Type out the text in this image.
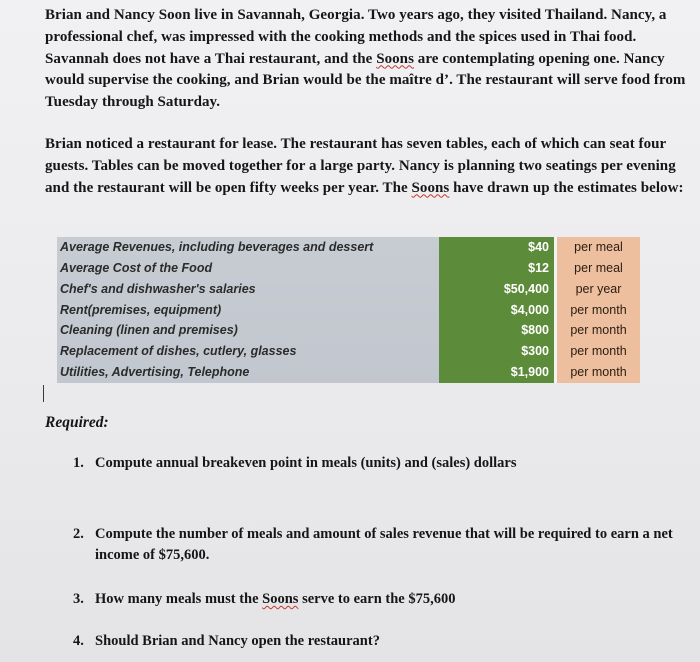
Brian and Nancy Soon live in Savannah, Georgia. Two years ago, they visited Thailand. Nancy, a professional chef, was impressed with the cooking methods and the spices used in Thai food. Savannah does not have a Thai restaurant, and the Soons are contemplating opening one. Nancy would supervise the cooking, and Brian would be the maître d’. The restaurant will serve food from Tuesday through Saturday.

Brian noticed a restaurant for lease. The restaurant has seven tables, each of which can seat four guests. Tables can be moved together for a large party. Nancy is planning two seatings per evening and the restaurant will be open fifty weeks per year. The Soons have drawn up the estimates below:

Average Revenues, including beverages and dessert
Average Cost of the Food
Chef's and dishwasher's salaries
Rent(premises, equipment)
Cleaning (linen and premises)
Replacement of dishes, cutlery, glasses
Utilities, Advertising, Telephone
$40
$12
$50,400
$4,000
$800
$300
$1,900
per meal
per meal
per year
per month
per month
per month
per month

Required:

1. Compute annual breakeven point in meals (units) and (sales) dollars

2. Compute the number of meals and amount of sales revenue that will be required to earn a net income of $75,600.

3. How many meals must the Soons serve to earn the $75,600

4. Should Brian and Nancy open the restaurant?
